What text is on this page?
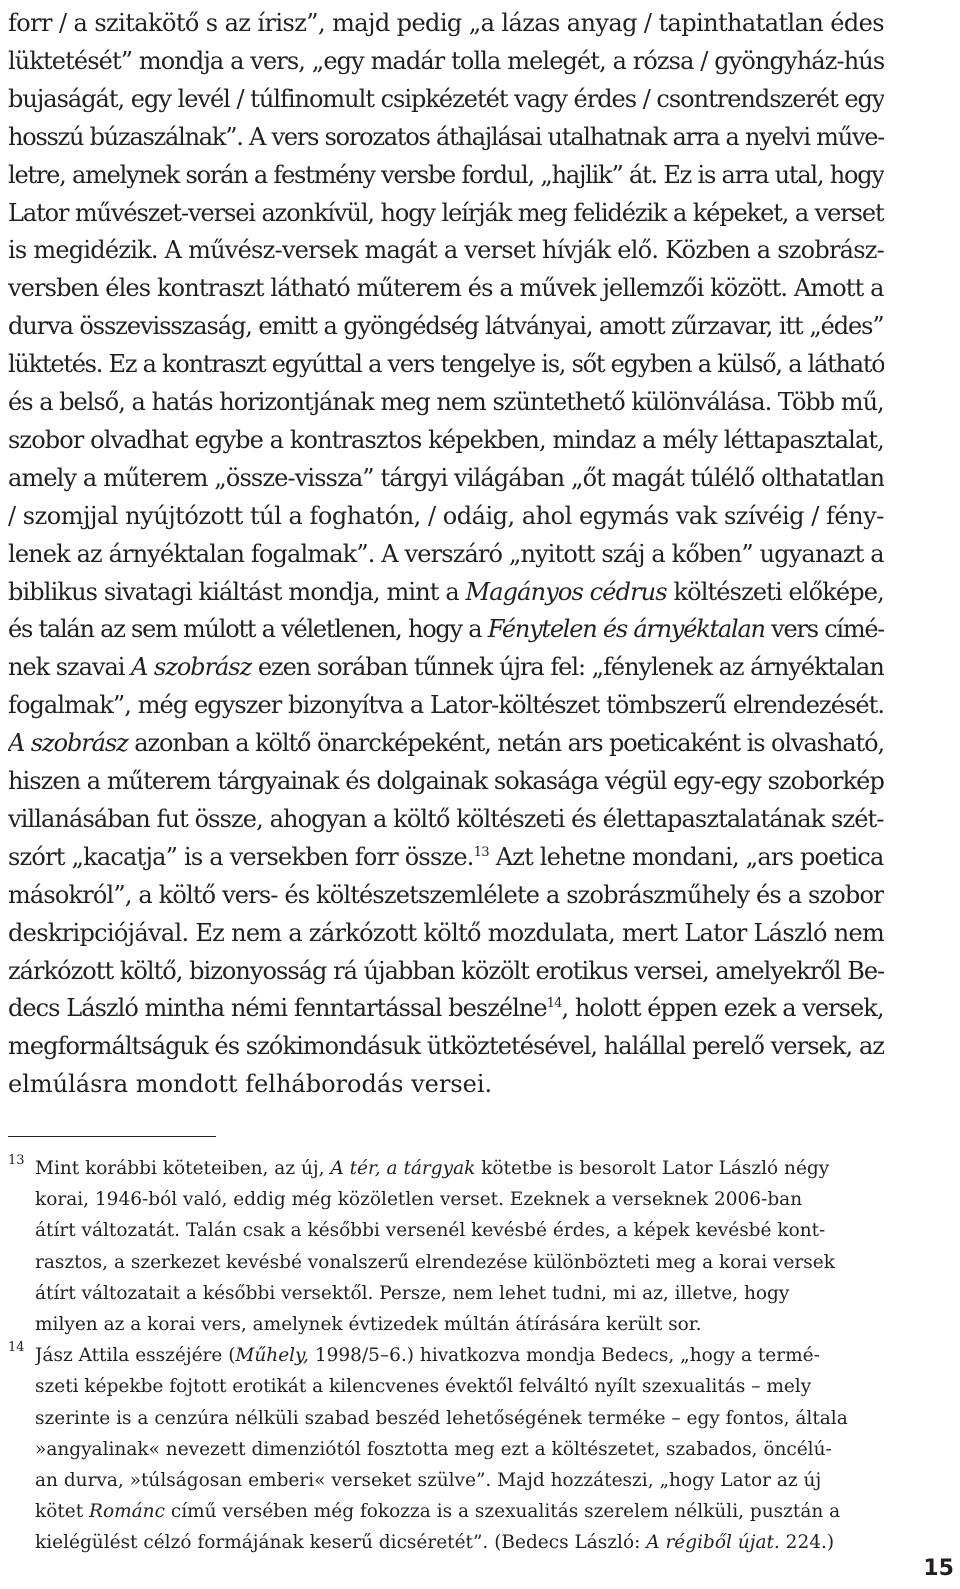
forr / a szitakötő s az írisz”, majd pedig „a lázas anyag / tapinthatatlan édes
lüktetését” mondja a vers, „egy madár tolla melegét, a rózsa / gyöngyház-hús
bujaságát, egy levél / túlfinomult csipkézetét vagy érdes / csontrendszerét egy
hosszú búzaszálnak”. A vers sorozatos áthajlásai utalhatnak arra a nyelvi műve-
letre, amelynek során a festmény versbe fordul, „hajlik” át. Ez is arra utal, hogy
Lator művészet-versei azonkívül, hogy leírják meg felidézik a képeket, a verset
is megidézik. A művész-versek magát a verset hívják elő. Közben a szobrász-
versben éles kontraszt látható műterem és a művek jellemzői között. Amott a
durva összevisszaság, emitt a gyöngédség látványai, amott zűrzavar, itt „édes”
lüktetés. Ez a kontraszt egyúttal a vers tengelye is, sőt egyben a külső, a látható
és a belső, a hatás horizontjának meg nem szüntethető különválása. Több mű,
szobor olvadhat egybe a kontrasztos képekben, mindaz a mély léttapasztalat,
amely a műterem „össze-vissza” tárgyi világában „őt magát túlélő olthatatlan
/ szomjjal nyújtózott túl a foghatón, / odáig, ahol egymás vak szívéig / fény-
lenek az árnyéktalan fogalmak”. A verszáró „nyitott száj a kőben” ugyanazt a
biblikus sivatagi kiáltást mondja, mint a Magányos cédrus költészeti előképe,
és talán az sem múlott a véletlenen, hogy a Fénytelen és árnyéktalan vers címé-
nek szavai A szobrász ezen sorában tűnnek újra fel: „fénylenek az árnyéktalan
fogalmak”, még egyszer bizonyítva a Lator-költészet tömbszerű elrendezését.
A szobrász azonban a költő önarcképeként, netán ars poeticaként is olvasható,
hiszen a műterem tárgyainak és dolgainak sokasága végül egy-egy szoborkép
villanásában fut össze, ahogyan a költő költészeti és élettapasztalatának szét-
szórt „kacatja” is a versekben forr össze.$^{13}$ Azt lehetne mondani, „ars poetica
másokról”, a költő vers- és költészetszemlélete a szobrászműhely és a szobor
deskripciójával. Ez nem a zárkózott költő mozdulata, mert Lator László nem
zárkózott költő, bizonyosság rá újabban közölt erotikus versei, amelyekről Be-
decs László mintha némi fenntartással beszélne$^{14}$, holott éppen ezek a versek,
megformáltságuk és szókimondásuk ütköztetésével, halállal perelő versek, az
elmúlásra mondott felháborodás versei.
13 Mint korábbi köteteiben, az új, A tér, a tárgyak kötetbe is besorolt Lator László négy
korai, 1946-ból való, eddig még közöletlen verset. Ezeknek a verseknek 2006-ban
átírt változatát. Talán csak a későbbi versenél kevésbé érdes, a képek kevésbé kont-
rasztos, a szerkezet kevésbé vonalszerű elrendezése különbözteti meg a korai versek
átírt változatait a későbbi versektől. Persze, nem lehet tudni, mi az, illetve, hogy
milyen az a korai vers, amelynek évtizedek múltán átírására került sor.
14 Jász Attila esszéjére (Műhely, 1998/5–6.) hivatkozva mondja Bedecs, „hogy a termé-
szeti képekbe fojtott erotikát a kilencvenes évektől felváltó nyílt szexualitás – mely
szerinte is a cenzúra nélküli szabad beszéd lehetőségének terméke – egy fontos, általa
»angyalinak« nevezett dimenziótól fosztotta meg ezt a költészetet, szabados, öncélú-
an durva, »túlságosan emberi« verseket szülve”. Majd hozzáteszi, „hogy Lator az új
kötet Románc című versében még fokozza is a szexualitás szerelem nélküli, pusztán a
kielégülést célzó formájának keserű dicséretét”. (Bedecs László: A régiből újat. 224.)
15
